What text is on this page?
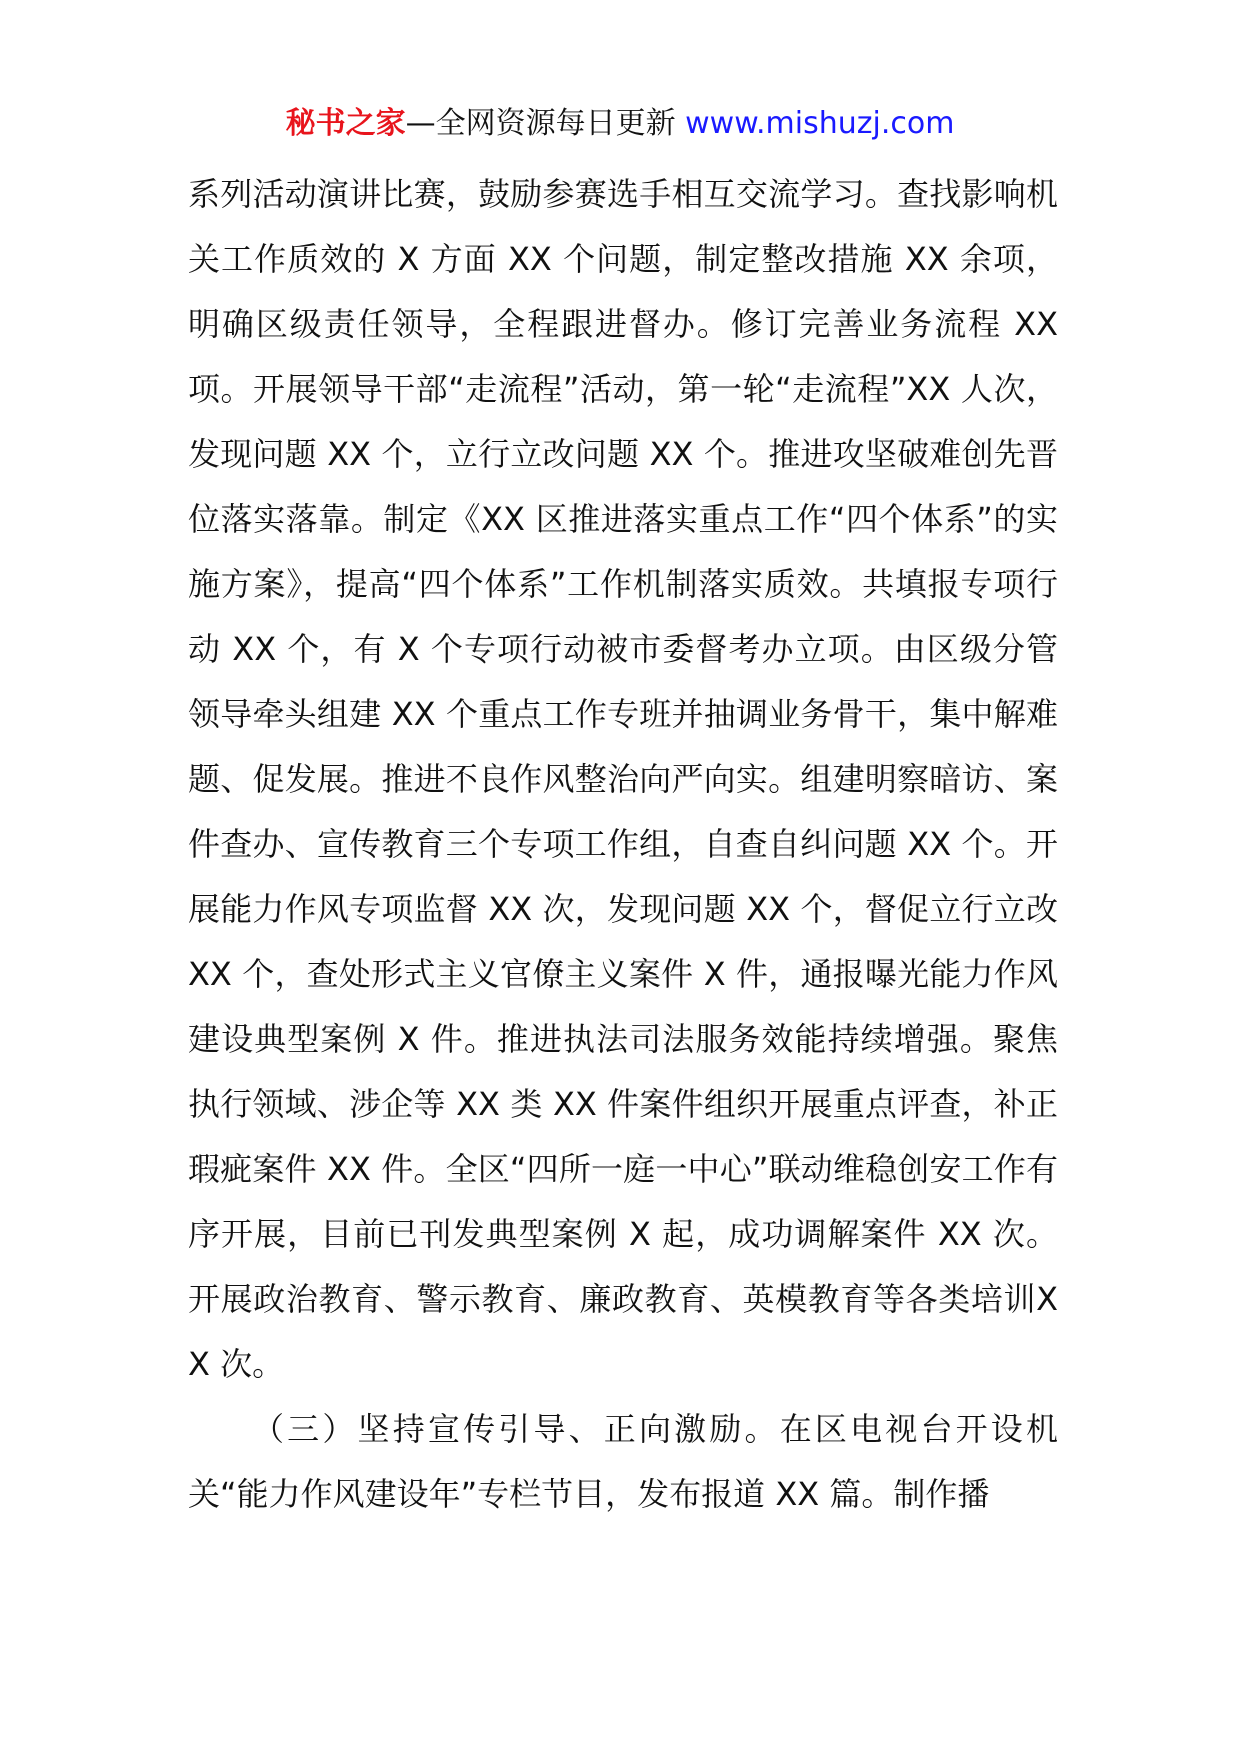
秘书之家—全网资源每日更新 www.mishuzj.com

系列活动演讲比赛，鼓励参赛选手相互交流学习。查找影响机关工作质效的 X 方面 XX 个问题，制定整改措施 XX 余项，明确区级责任领导，全程跟进督办。修订完善业务流程 XX 项。开展领导干部“走流程”活动，第一轮“走流程”XX 人次，发现问题 XX 个，立行立改问题 XX 个。推进攻坚破难创先晋位落实落靠。制定《XX 区推进落实重点工作“四个体系”的实施方案》，提高“四个体系”工作机制落实质效。共填报专项行动 XX 个，有 X 个专项行动被市委督考办立项。由区级分管领导牵头组建 XX 个重点工作专班并抽调业务骨干，集中解难题、促发展。推进不良作风整治向严向实。组建明察暗访、案件查办、宣传教育三个专项工作组，自查自纠问题 XX 个。开展能力作风专项监督 XX 次，发现问题 XX 个，督促立行立改 XX 个，查处形式主义官僚主义案件 X 件，通报曝光能力作风建设典型案例 X 件。推进执法司法服务效能持续增强。聚焦执行领域、涉企等 XX 类 XX 件案件组织开展重点评查，补正瑕疵案件 XX 件。全区“四所一庭一中心”联动维稳创安工作有序开展，目前已刊发典型案例 X 起，成功调解案件 XX 次。开展政治教育、警示教育、廉政教育、英模教育等各类培训XX 次。

（三）坚持宣传引导、正向激励。在区电视台开设机关“能力作风建设年”专栏节目，发布报道 XX 篇。制作播
